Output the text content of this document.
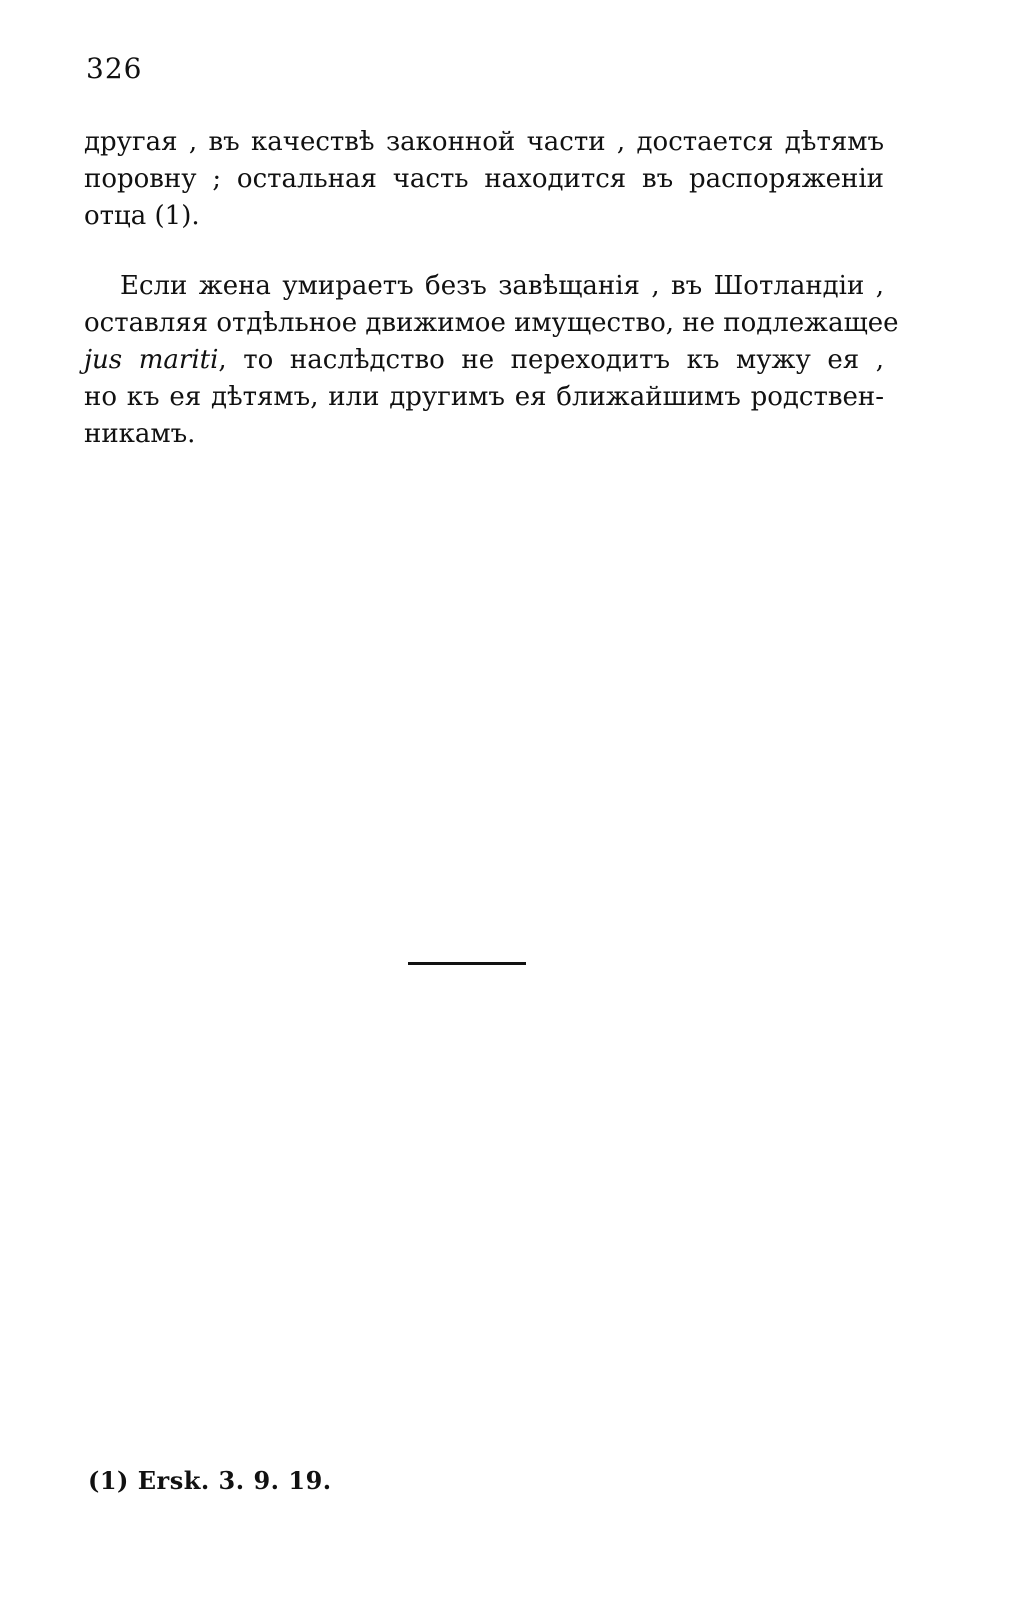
326
другая , въ качествѣ законной части , достается дѣтямъ
поровну ; остальная часть находится въ распоряженіи
отца (1).
Если жена умираетъ безъ завѣщанія , въ Шотландіи ,
оставляя отдѣльное движимое имущество, не подлежащее
jus mariti, то наслѣдство не переходитъ къ мужу ея ,
но къ ея дѣтямъ, или другимъ ея ближайшимъ родствен-
никамъ.
(1) Ersk. 3. 9. 19.
